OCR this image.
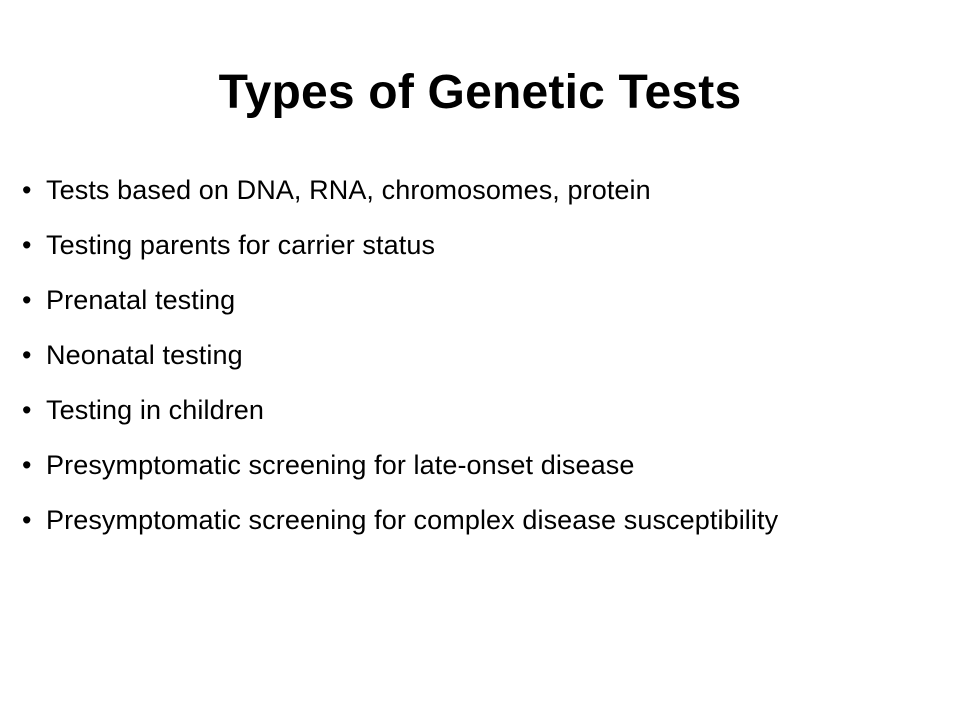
Types of Genetic Tests
• Tests based on DNA, RNA, chromosomes, protein
• Testing parents for carrier status
• Prenatal testing
• Neonatal testing
• Testing in children
• Presymptomatic screening for late-onset disease
• Presymptomatic screening for complex disease susceptibility
